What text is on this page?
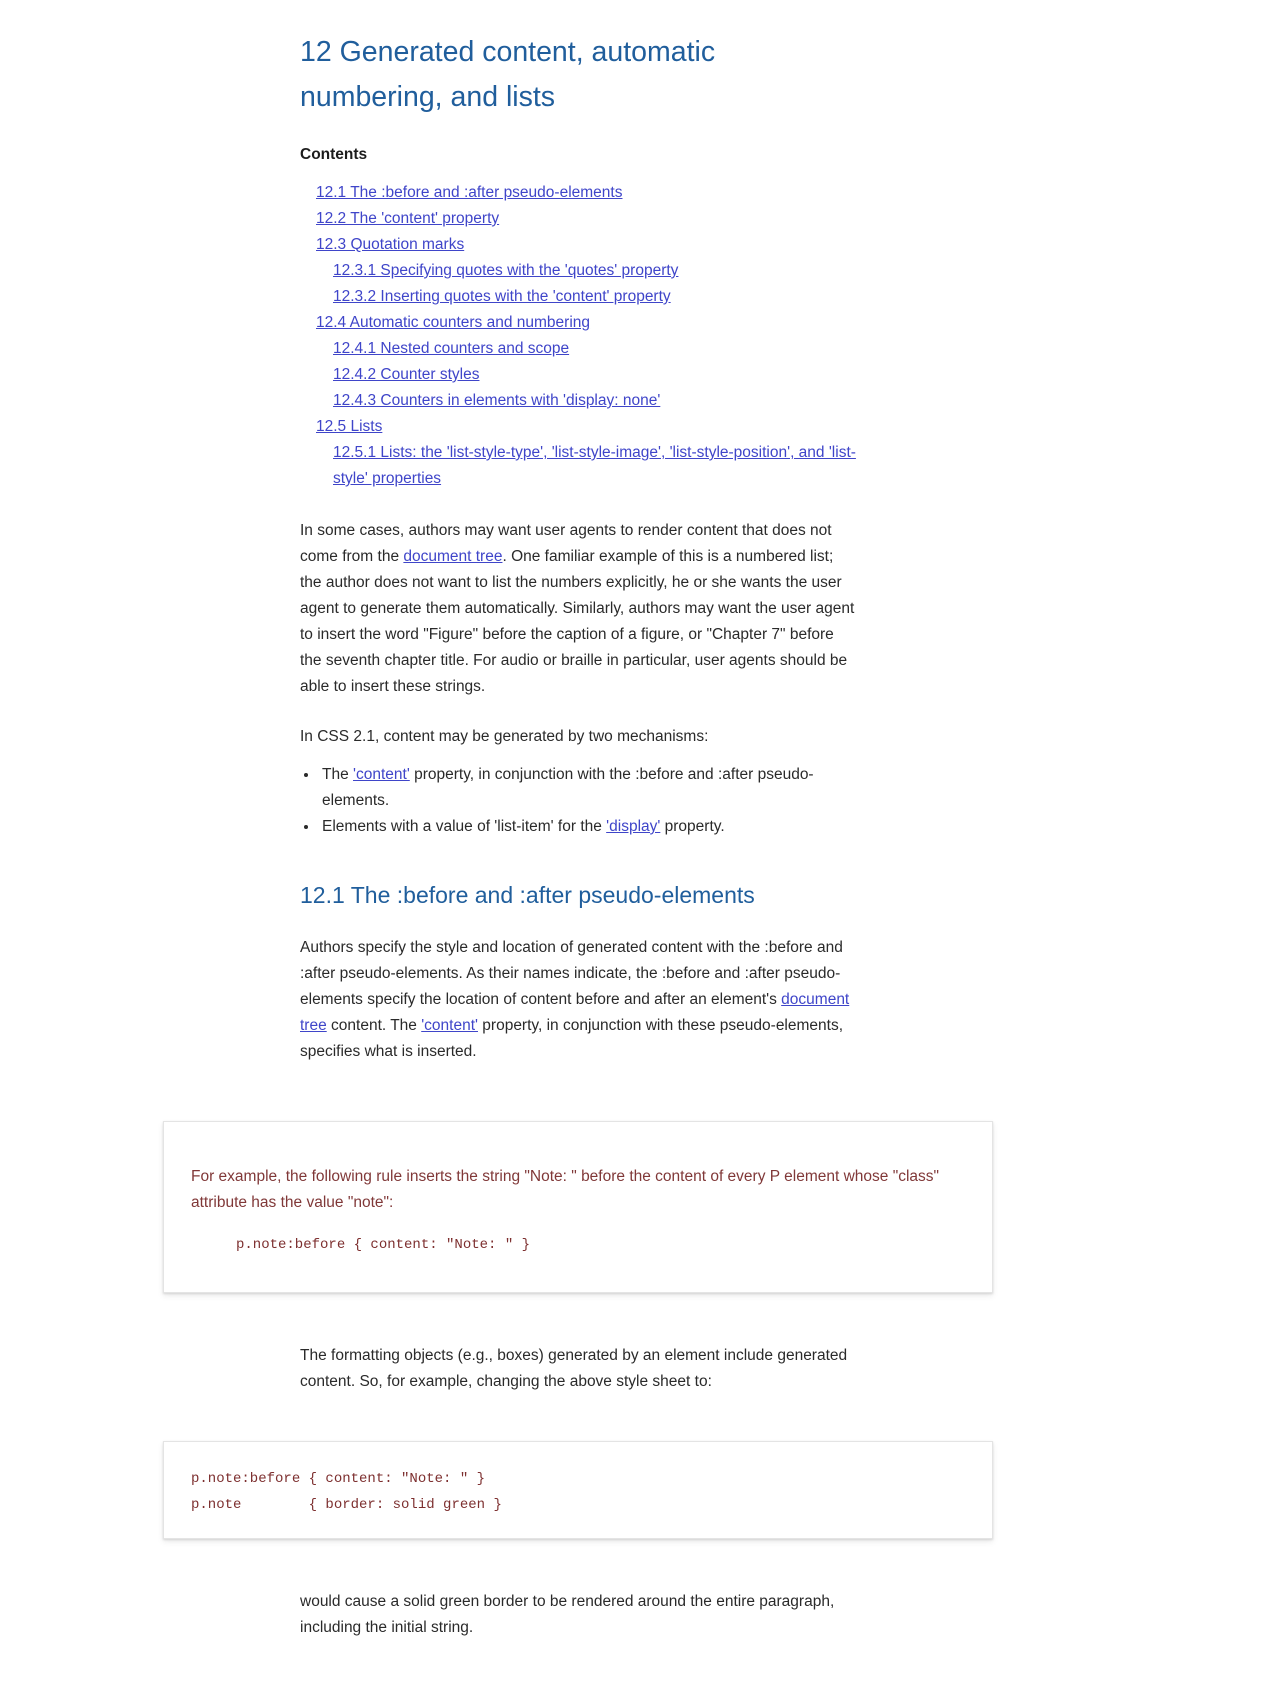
12 Generated content, automatic numbering, and lists
Contents
12.1 The :before and :after pseudo-elements
12.2 The 'content' property
12.3 Quotation marks
12.3.1 Specifying quotes with the 'quotes' property
12.3.2 Inserting quotes with the 'content' property
12.4 Automatic counters and numbering
12.4.1 Nested counters and scope
12.4.2 Counter styles
12.4.3 Counters in elements with 'display: none'
12.5 Lists
12.5.1 Lists: the 'list-style-type', 'list-style-image', 'list-style-position', and 'list-style' properties

In some cases, authors may want user agents to render content that does not come from the document tree. One familiar example of this is a numbered list; the author does not want to list the numbers explicitly, he or she wants the user agent to generate them automatically. Similarly, authors may want the user agent to insert the word "Figure" before the caption of a figure, or "Chapter 7" before the seventh chapter title. For audio or braille in particular, user agents should be able to insert these strings.

In CSS 2.1, content may be generated by two mechanisms:

• The 'content' property, in conjunction with the :before and :after pseudo-elements.
• Elements with a value of 'list-item' for the 'display' property.
12.1 The :before and :after pseudo-elements

Authors specify the style and location of generated content with the :before and :after pseudo-elements. As their names indicate, the :before and :after pseudo-elements specify the location of content before and after an element's document tree content. The 'content' property, in conjunction with these pseudo-elements, specifies what is inserted.

For example, the following rule inserts the string "Note: " before the content of every P element whose "class" attribute has the value "note":

p.note:before { content: "Note: " }

The formatting objects (e.g., boxes) generated by an element include generated content. So, for example, changing the above style sheet to:

p.note:before { content: "Note: " }
p.note        { border: solid green }

would cause a solid green border to be rendered around the entire paragraph, including the initial string.
